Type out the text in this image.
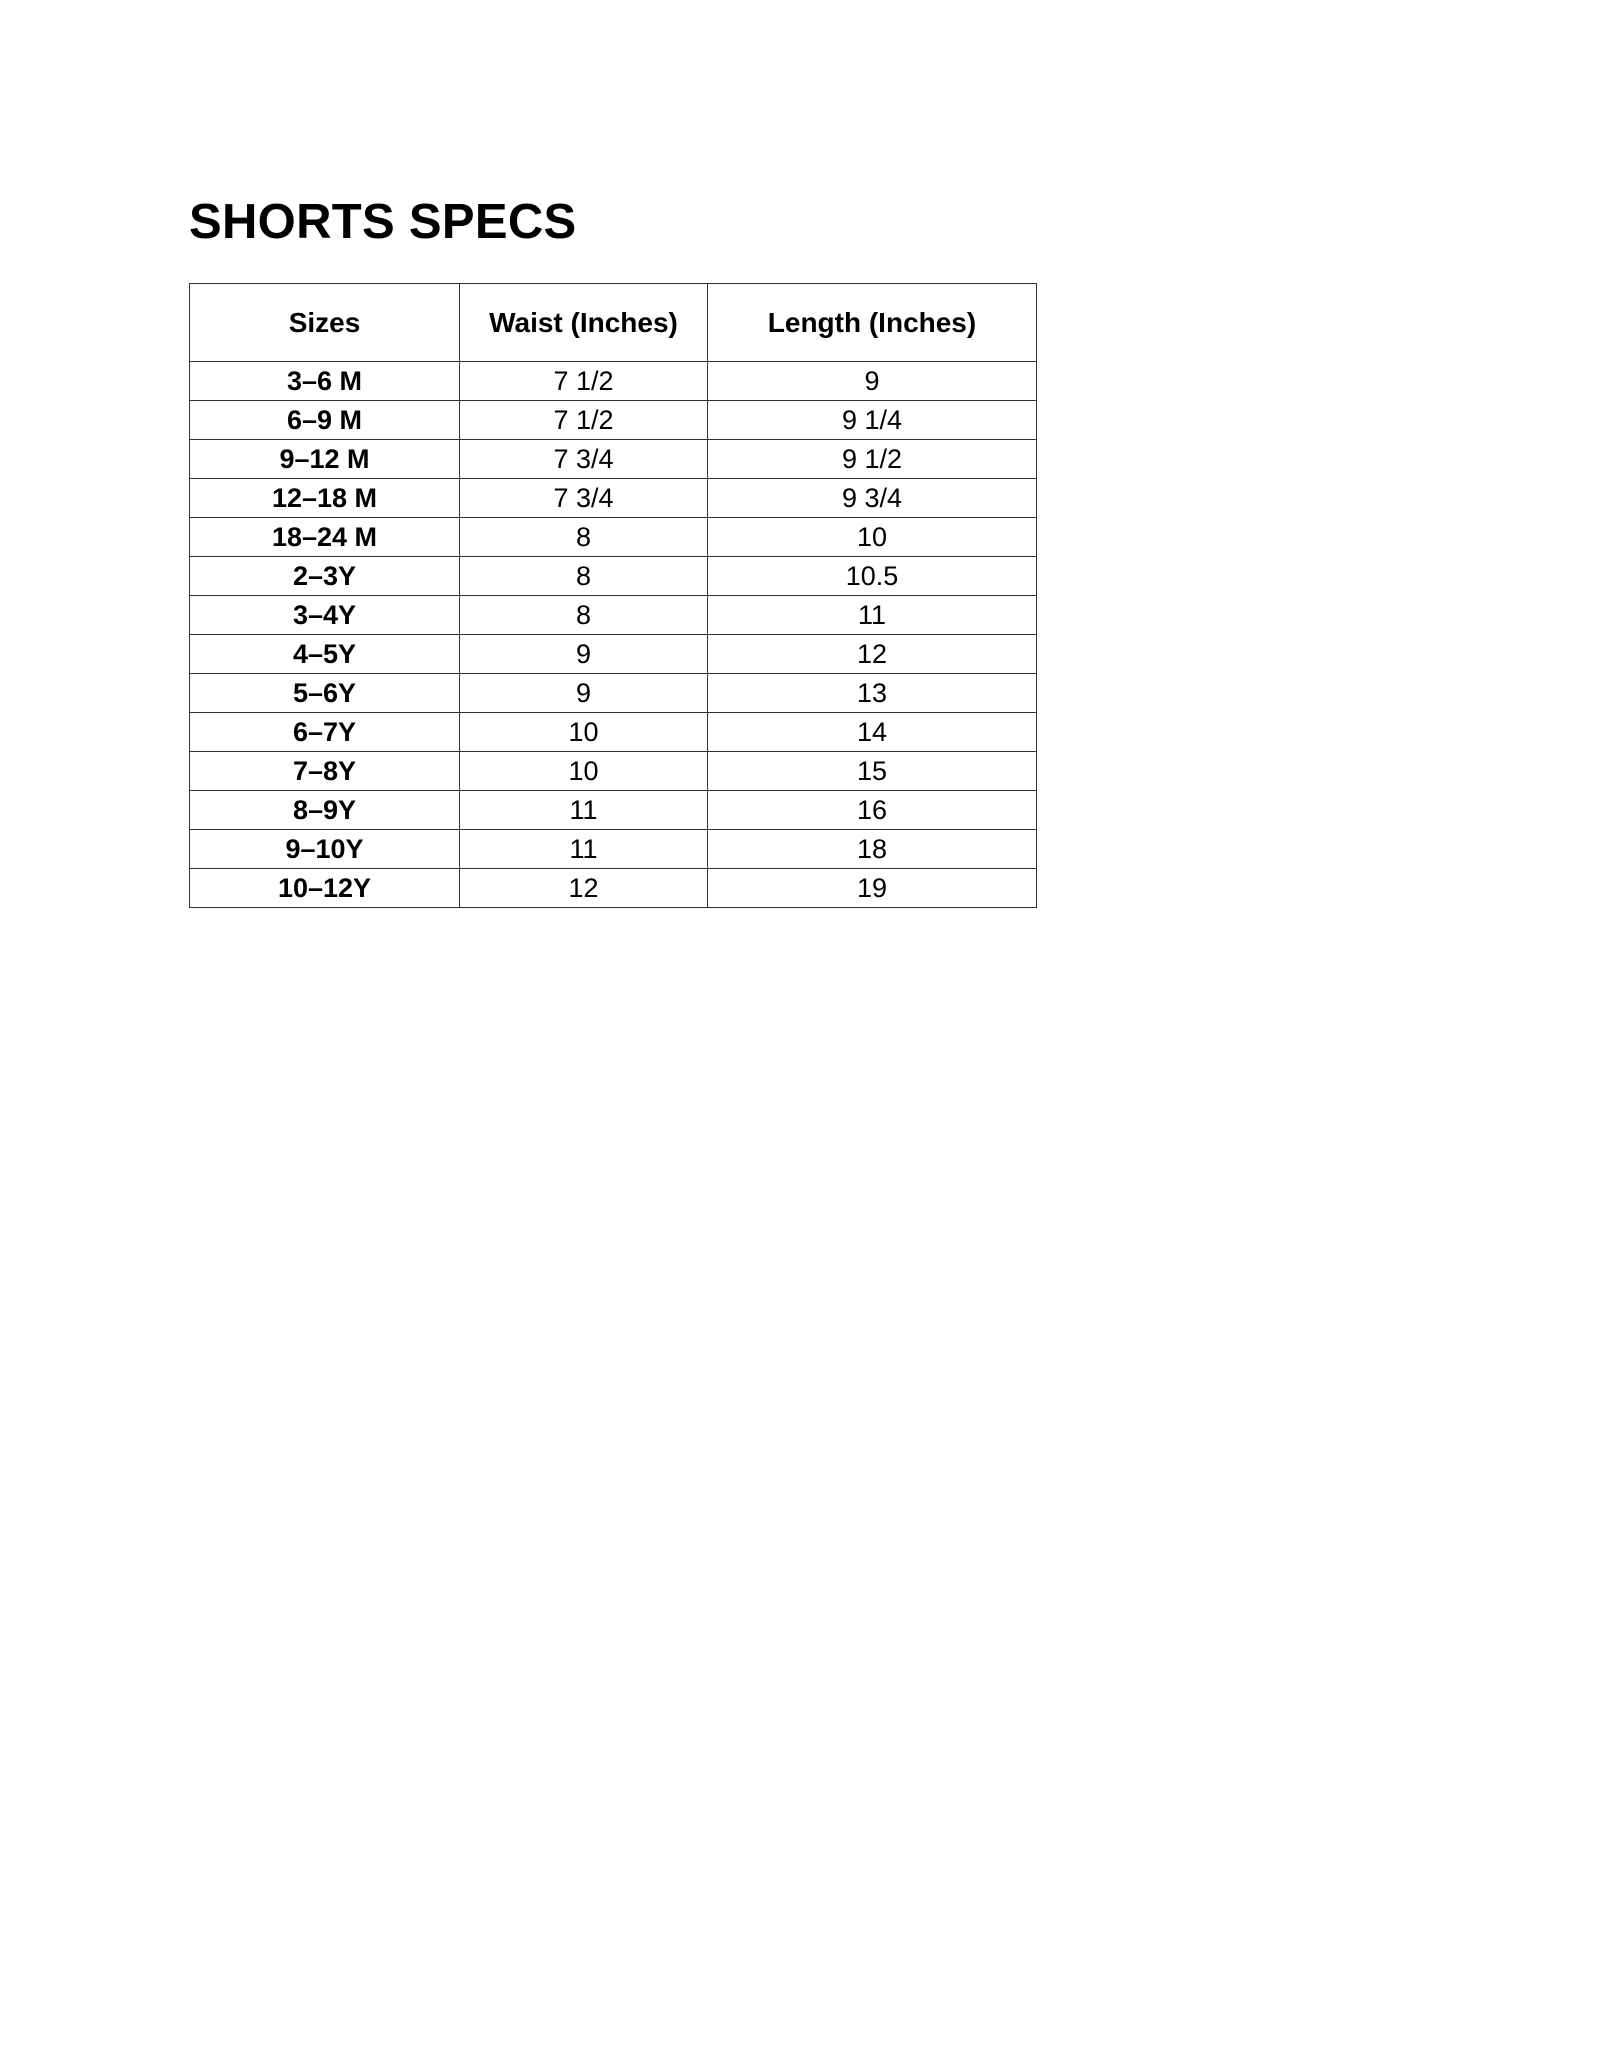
SHORTS SPECS
Sizes	Waist (Inches)	Length (Inches)
3–6 M	7 1/2	9
6–9 M	7 1/2	9 1/4
9–12 M	7 3/4	9 1/2
12–18 M	7 3/4	9 3/4
18–24 M	8	10
2–3Y	8	10.5
3–4Y	8	11
4–5Y	9	12
5–6Y	9	13
6–7Y	10	14
7–8Y	10	15
8–9Y	11	16
9–10Y	11	18
10–12Y	12	19
